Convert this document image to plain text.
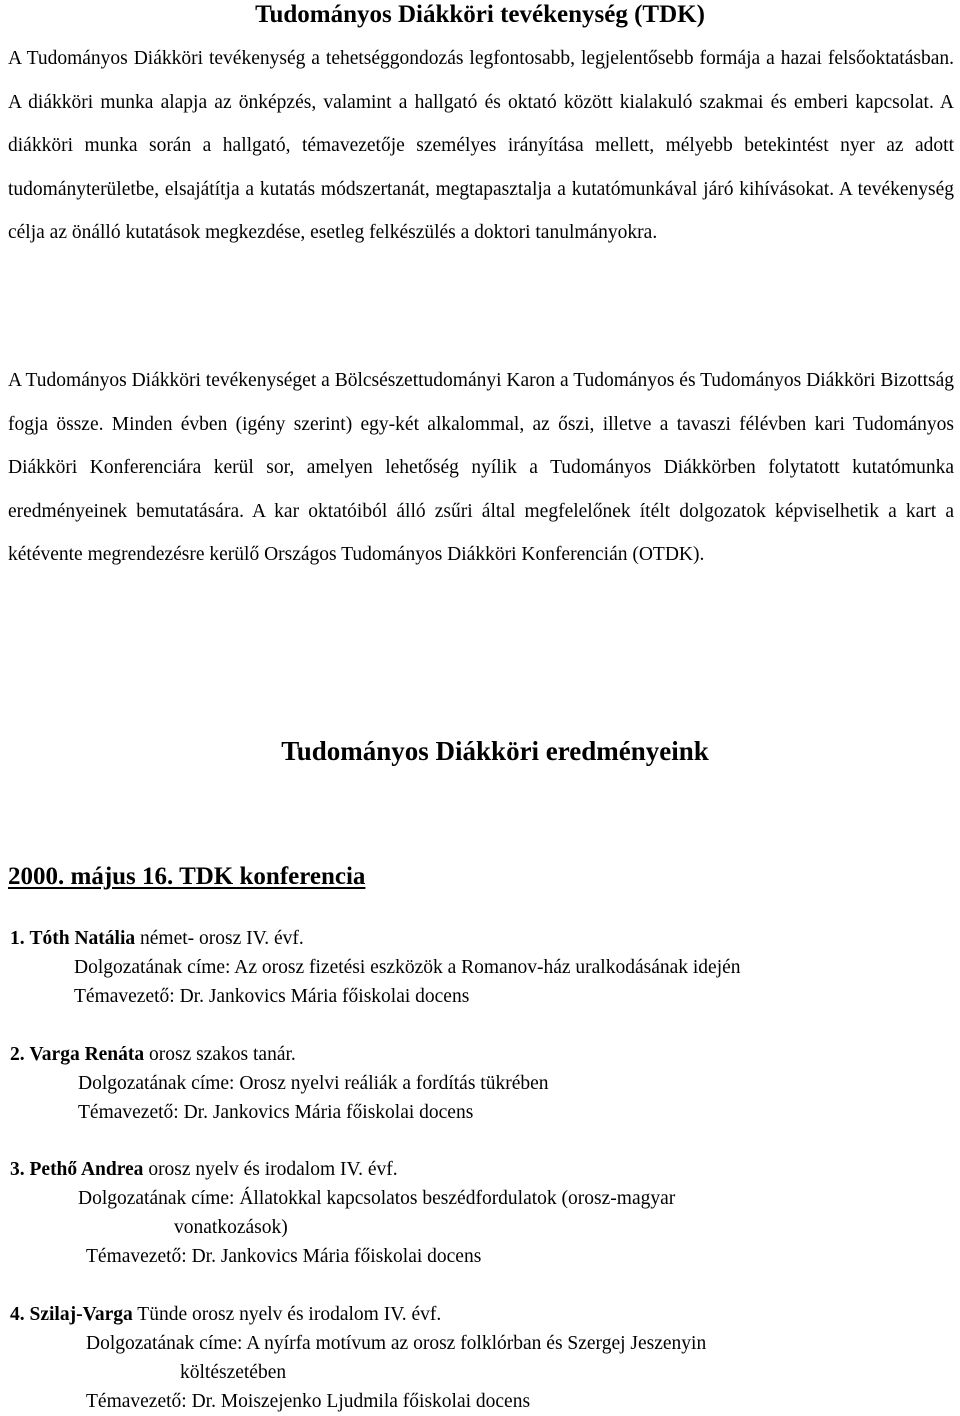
Tudományos Diákköri tevékenység (TDK)

A Tudományos Diákköri tevékenység a tehetséggondozás legfontosabb, legjelentősebb formája a hazai felsőoktatásban. A diákköri munka alapja az önképzés, valamint a hallgató és oktató között kialakuló szakmai és emberi kapcsolat. A diákköri munka során a hallgató, témavezetője személyes irányítása mellett, mélyebb betekintést nyer az adott tudományterületbe, elsajátítja a kutatás módszertanát, megtapasztalja a kutatómunkával járó kihívásokat. A tevékenység célja az önálló kutatások megkezdése, esetleg felkészülés a doktori tanulmányokra.

A Tudományos Diákköri tevékenységet a Bölcsészettudományi Karon a Tudományos és Tudományos Diákköri Bizottság fogja össze. Minden évben (igény szerint) egy-két alkalommal, az őszi, illetve a tavaszi félévben kari Tudományos Diákköri Konferenciára kerül sor, amelyen lehetőség nyílik a Tudományos Diákkörben folytatott kutatómunka eredményeinek bemutatására. A kar oktatóiból álló zsűri által megfelelőnek ítélt dolgozatok képviselhetik a kart a kétévente megrendezésre kerülő Országos Tudományos Diákköri Konferencián (OTDK).

Tudományos Diákköri eredményeink
2000. május 16. TDK konferencia
1. Tóth Natália német- orosz IV. évf.
Dolgozatának címe: Az orosz fizetési eszközök a Romanov-ház uralkodásának idején
Témavezető: Dr. Jankovics Mária főiskolai docens
2. Varga Renáta orosz szakos tanár.
Dolgozatának címe: Orosz nyelvi reáliák a fordítás tükrében
Témavezető: Dr. Jankovics Mária főiskolai docens
3. Pethő Andrea orosz nyelv és irodalom IV. évf.
Dolgozatának címe: Állatokkal kapcsolatos beszédfordulatok (orosz-magyar
vonatkozások)
Témavezető: Dr. Jankovics Mária főiskolai docens
4. Szilaj-Varga Tünde orosz nyelv és irodalom IV. évf.
Dolgozatának címe: A nyírfa motívum az orosz folklórban és Szergej Jeszenyin
költészetében
Témavezető: Dr. Moiszejenko Ljudmila főiskolai docens
